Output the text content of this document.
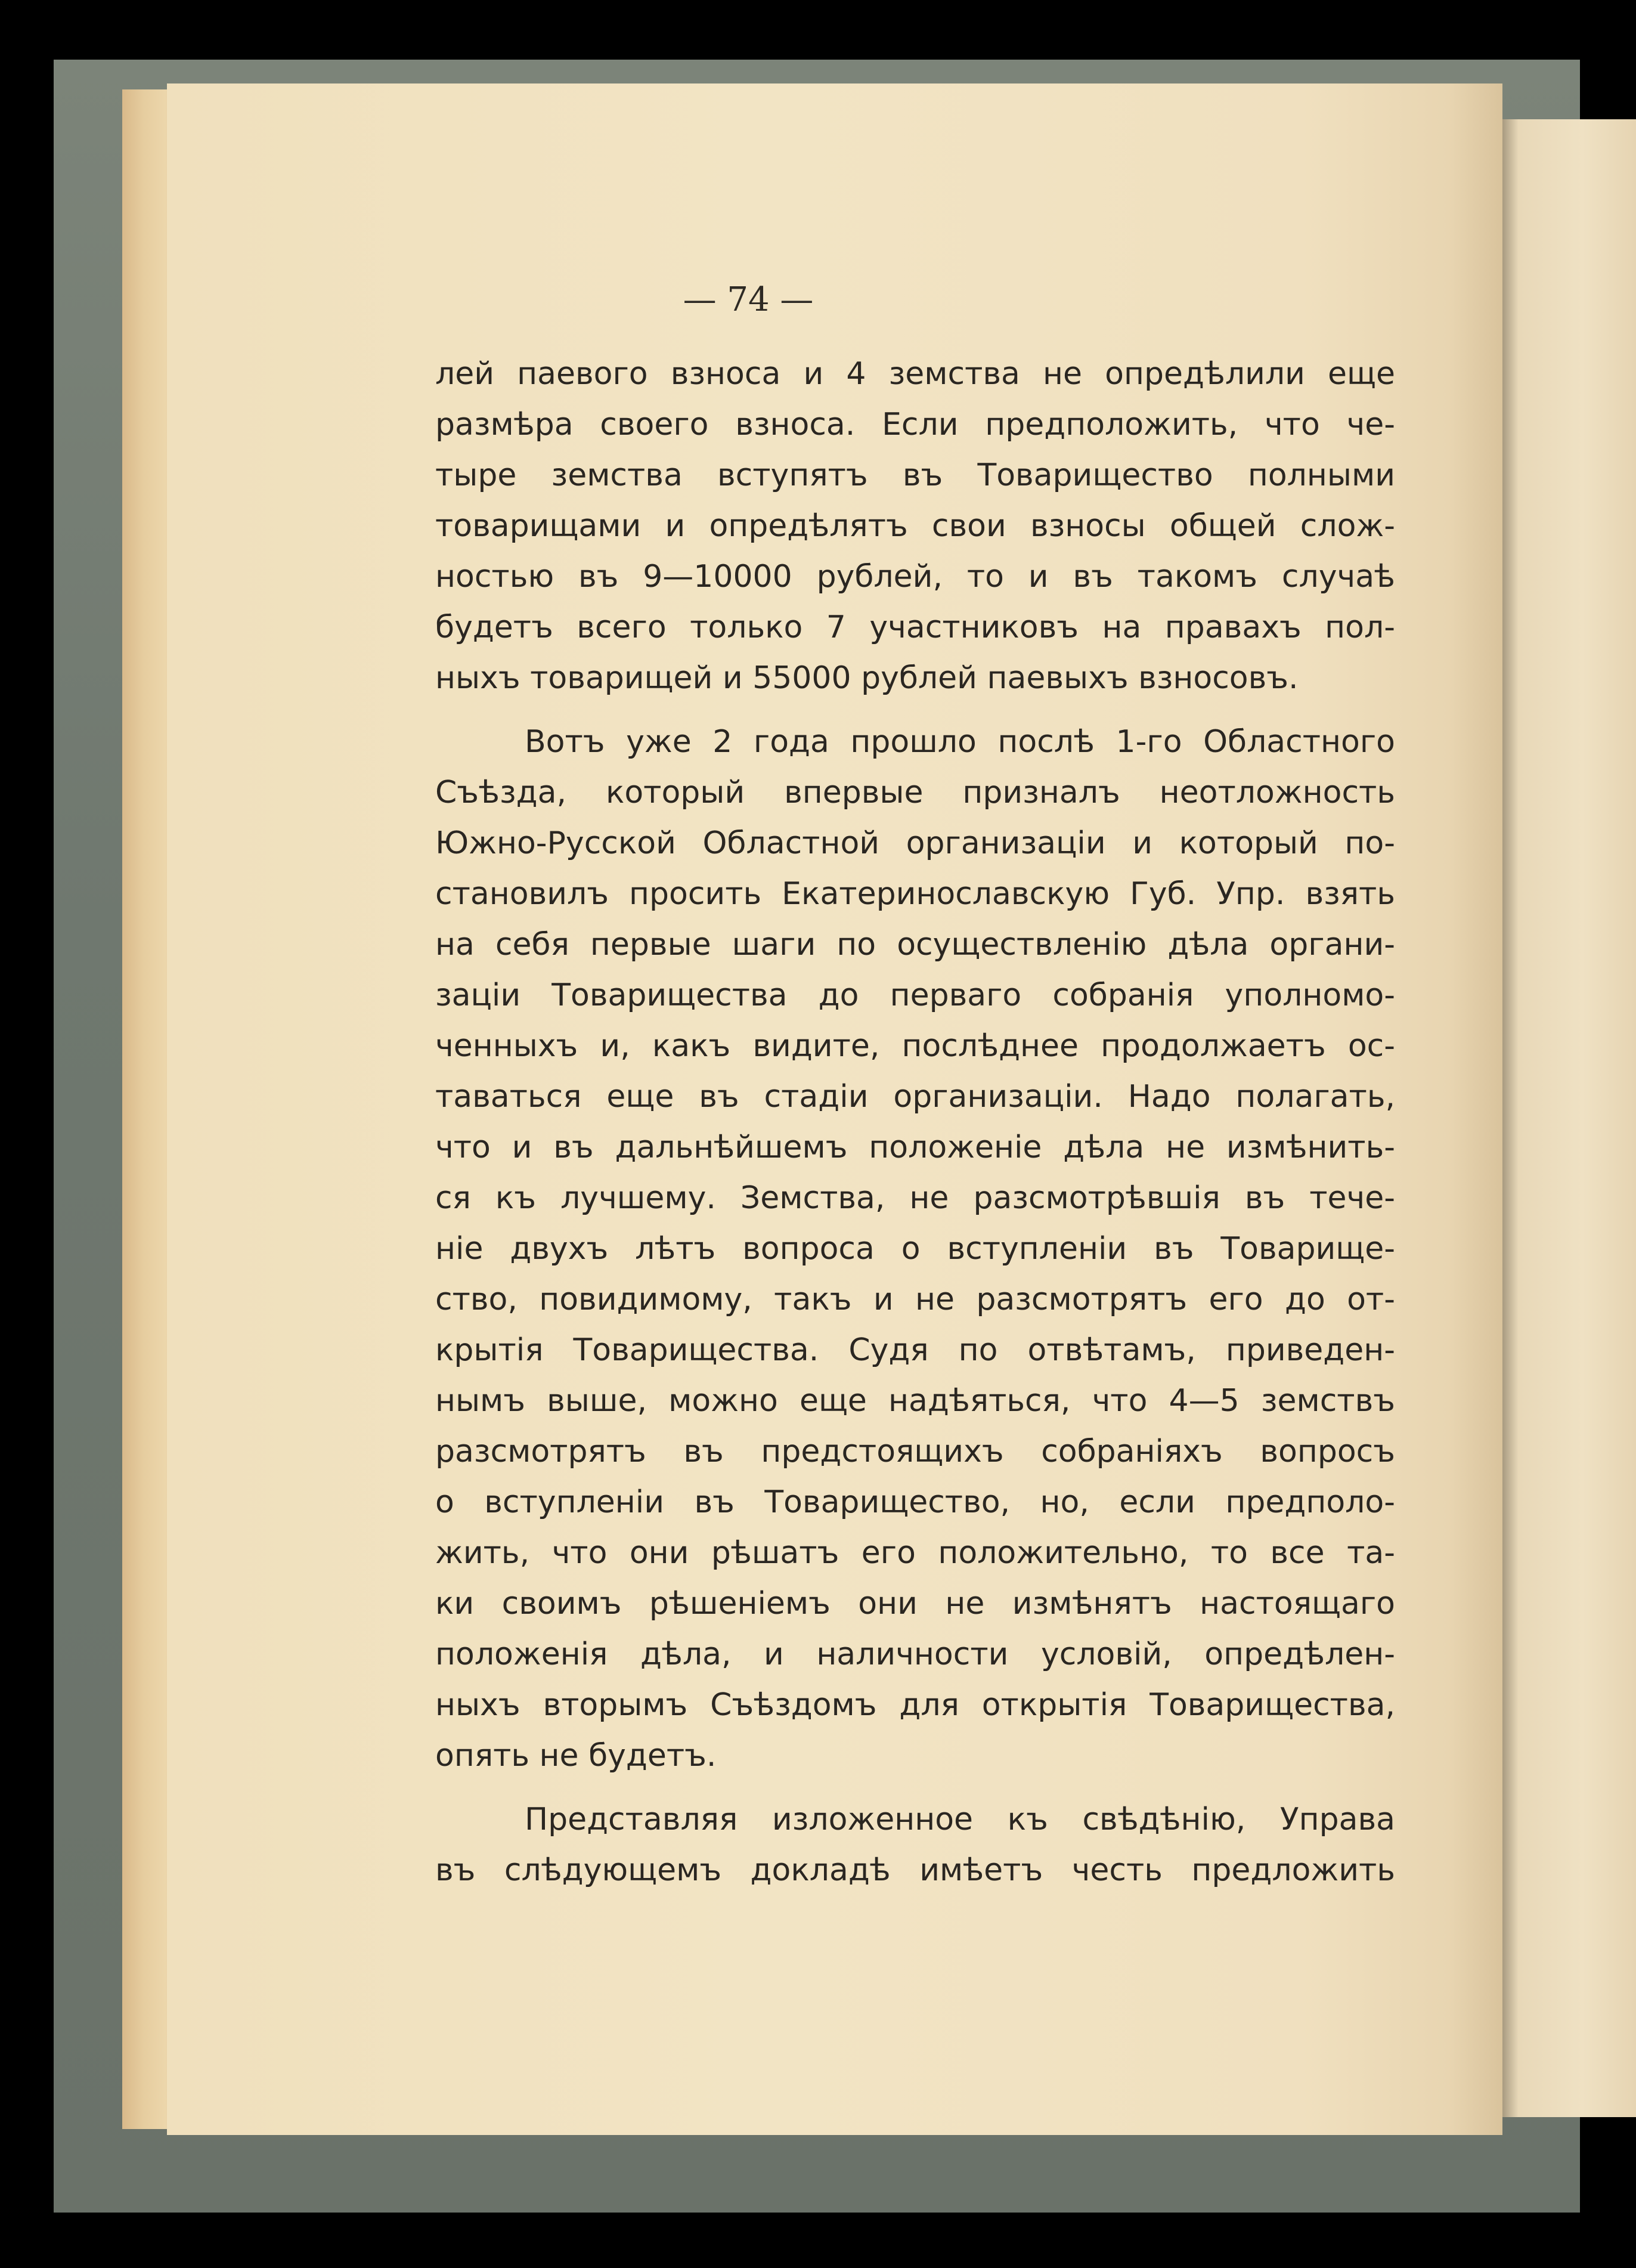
— 74 —

лей паевого взноса и 4 земства не опредѣлили еще
размѣра своего взноса. Если предположить, что че-
тыре земства вступятъ въ Товарищество полными
товарищами и опредѣлятъ свои взносы общей слож-
ностью въ 9—10000 рублей, то и въ такомъ случаѣ
будетъ всего только 7 участниковъ на правахъ пол-
ныхъ товарищей и 55000 рублей паевыхъ взносовъ.

Вотъ уже 2 года прошло послѣ 1-го Областного
Съѣзда, который впервые призналъ неотложность
Южно-Русской Областной организаціи и который по-
становилъ просить Екатеринославскую Губ. Упр. взять
на себя первые шаги по осуществленію дѣла органи-
заціи Товарищества до перваго собранія уполномо-
ченныхъ и, какъ видите, послѣднее продолжаетъ ос-
таваться еще въ стадіи организаціи. Надо полагать,
что и въ дальнѣйшемъ положеніе дѣла не измѣнить-
ся къ лучшему. Земства, не разсмотрѣвшія въ тече-
ніе двухъ лѣтъ вопроса о вступленіи въ Товарище-
ство, повидимому, такъ и не разсмотрятъ его до от-
крытія Товарищества. Судя по отвѣтамъ, приведен-
нымъ выше, можно еще надѣяться, что 4—5 земствъ
разсмотрятъ въ предстоящихъ собраніяхъ вопросъ
о вступленіи въ Товарищество, но, если предполо-
жить, что они рѣшатъ его положительно, то все та-
ки своимъ рѣшеніемъ они не измѣнятъ настоящаго
положенія дѣла, и наличности условій, опредѣлен-
ныхъ вторымъ Съѣздомъ для открытія Товарищества,
опять не будетъ.

Представляя изложенное къ свѣдѣнію, Управа
въ слѣдующемъ докладѣ имѣетъ честь предложить
